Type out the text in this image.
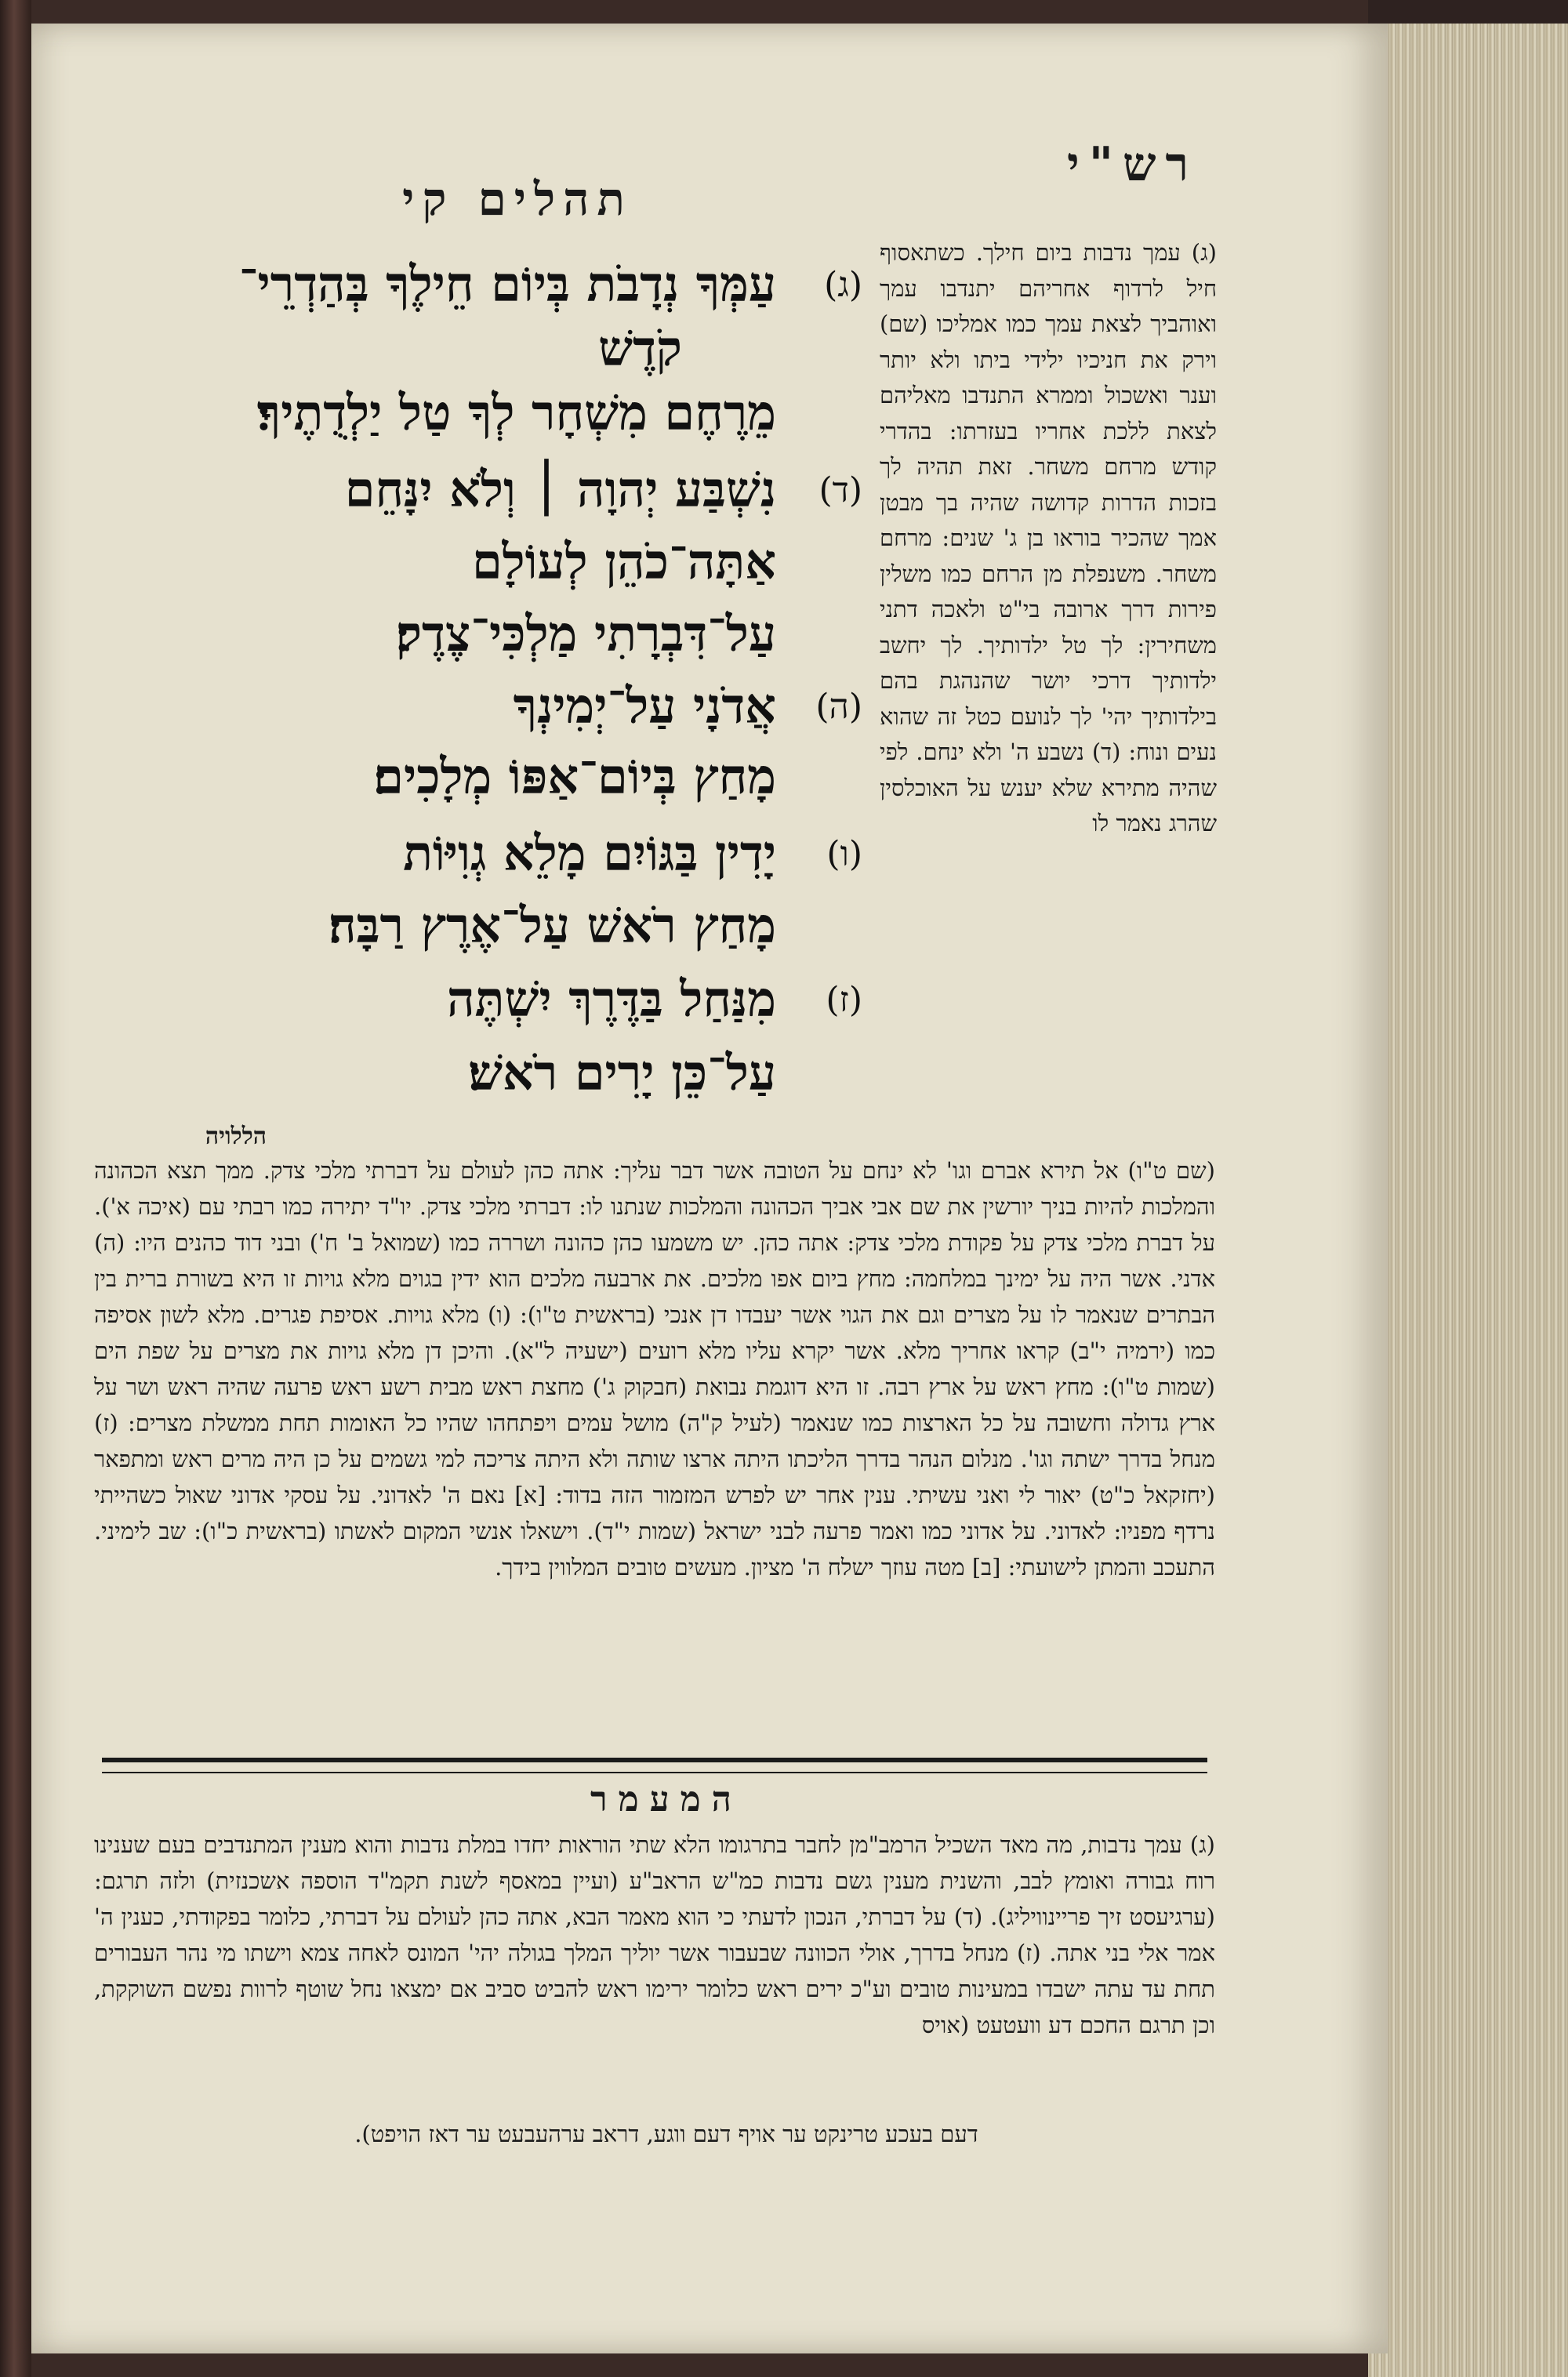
רש"י
תהלים קי
(ג)
עַמְּךָ נְדָבֹת בְּיוֹם חֵילֶךָ בְּהַדְרֵי־
קֹדֶשׁ
מֵרֶחֶם מִשְׁחָר לְךָ טַל יַלְדֻתֶיךָ׃
(ד)
נִשְׁבַּע יְהוָה ׀ וְלֹא יִנָּחֵם
אַתָּה־כֹהֵן לְעוֹלָם
עַל־דִּבְרָתִי מַלְכִּי־צֶדֶק׃
(ה)
אֲדֹנָי עַל־יְמִינְךָ
מָחַץ בְּיוֹם־אַפּוֹ מְלָכִים׃
(ו)
יָדִין בַּגּוֹיִם מָלֵא גְוִיּוֹת
מָחַץ רֹאשׁ עַל־אֶרֶץ רַבָּה׃
(ז)
מִנַּחַל בַּדֶּרֶךְ יִשְׁתֶּה
עַל־כֵּן יָרִים רֹאשׁ׃
(ג) עמך נדבות ביום חילך. כשתאסוף חיל לרדוף אחריהם יתנדבו עמך ואוהביך לצאת עמך כמו אמליכו (שם) וירק את חניכיו ילידי ביתו ולא יותר וענר ואשכול וממרא התנדבו מאליהם לצאת ללכת אחריו בעזרתו: בהדרי קודש מרחם משחר. זאת תהיה לך בזכות הדרות קדושה שהיה בך מבטן אמך שהכיר בוראו בן ג' שנים: מרחם משחר. משנפלת מן הרחם כמו משלין פירות דרך ארובה בי"ט ולאכה דתני משחירין: לך טל ילדותיך. לך יחשב ילדותיך דרכי יושר שהנהגת בהם בילדותיך יהי' לך לנועם כטל זה שהוא נעים ונוח: (ד) נשבע ה' ולא ינחם. לפי שהיה מתירא שלא יענש על האוכלסין שהרג נאמר לו
הללויה
(שם ט"ו) אל תירא אברם וגו' לא ינחם על הטובה אשר דבר עליך: אתה כהן לעולם על דברתי מלכי צדק. ממך תצא הכהונה והמלכות להיות בניך יורשין את שם אבי אביך הכהונה והמלכות שנתנו לו: דברתי מלכי צדק. יו"ד יתירה כמו רבתי עם (איכה א'). על דברת מלכי צדק על פקודת מלכי צדק: אתה כהן. יש משמעו כהן כהונה ושררה כמו (שמואל ב' ח') ובני דוד כהנים היו: (ה) אדני. אשר היה על ימינך במלחמה: מחץ ביום אפו מלכים. את ארבעה מלכים הוא ידין בגוים מלא גויות זו היא בשורת ברית בין הבתרים שנאמר לו על מצרים וגם את הגוי אשר יעבדו דן אנכי (בראשית ט"ו): (ו) מלא גויות. אסיפת פגרים. מלא לשון אסיפה כמו (ירמיה י"ב) קראו אחריך מלא. אשר יקרא עליו מלא רועים (ישעיה ל"א). והיכן דן מלא גויות את מצרים על שפת הים (שמות ט"ו): מחץ ראש על ארץ רבה. זו היא דוגמת נבואת (חבקוק ג') מחצת ראש מבית רשע ראש פרעה שהיה ראש ושר על ארץ גדולה וחשובה על כל הארצות כמו שנאמר (לעיל ק"ה) מושל עמים ויפתחהו שהיו כל האומות תחת ממשלת מצרים: (ז) מנחל בדרך ישתה וגו'. מנלום הנהר בדרך הליכתו היתה ארצו שותה ולא היתה צריכה למי גשמים על כן היה מרים ראש ומתפאר (יחזקאל כ"ט) יאור לי ואני עשיתי. ענין אחר יש לפרש המזמור הזה בדוד: [א] נאם ה' לאדוני. על עסקי אדוני שאול כשהייתי נרדף מפניו: לאדוני. על אדוני כמו ואמר פרעה לבני ישראל (שמות י"ד). וישאלו אנשי המקום לאשתו (בראשית כ"ו): שב לימיני. התעכב והמתן לישועתי: [ב] מטה עוזך ישלח ה' מציון. מעשים טובים המלווין בידך.
המעמר
(ג) עמך נדבות, מה מאד השכיל הרמב"מן לחבר בתרגומו הלא שתי הוראות יחדו במלת נדבות והוא מענין המתנדבים בעם שענינו רוח גבורה ואומץ לבב, והשנית מענין גשם נדבות כמ"ש הראב"ע (ועיין במאסף לשנת תקמ"ד הוספה אשכנזית) ולזה תרגם: (ערגיעסט זיך פריינוויליג). (ד) על דברתי, הנכון לדעתי כי הוא מאמר הבא, אתה כהן לעולם על דברתי, כלומר בפקודתי, כענין ה' אמר אלי בני אתה. (ז) מנחל בדרך, אולי הכוונה שבעבור אשר יוליך המלך בגולה יהי' המונס לאחה צמא וישתו מי נהר העבורים תחת עד עתה ישבדו במעינות טובים וע"כ ירים ראש כלומר ירימו ראש להביט סביב אם ימצאו נחל שוטף לרוות נפשם השוקקת, וכן תרגם החכם דע וועטעט (אויס
דעם בעכע טרינקט ער אויף דעם ווגע, דראב ערהעבעט ער דאז הויפט).
